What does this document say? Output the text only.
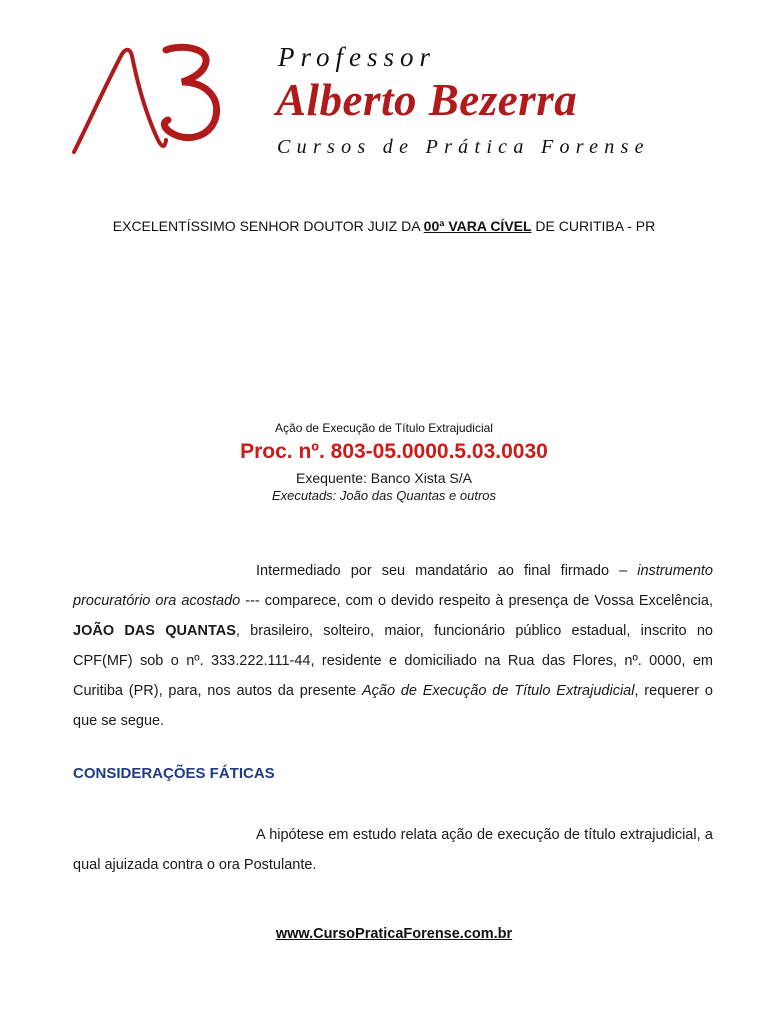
Professor
Alberto Bezerra
Cursos de Prática Forense
EXCELENTÍSSIMO SENHOR DOUTOR JUIZ DA 00ª VARA CÍVEL DE CURITIBA - PR
Ação de Execução de Título Extrajudicial
Proc. nº. 803-05.0000.5.03.0030
Exequente: Banco Xista S/A
Executads: João das Quantas e outros
Intermediado por seu mandatário ao final firmado – instrumento procuratório ora acostado --- comparece, com o devido respeito à presença de Vossa Excelência, JOÃO DAS QUANTAS, brasileiro, solteiro, maior, funcionário público estadual, inscrito no CPF(MF) sob o nº. 333.222.111-44, residente e domiciliado na Rua das Flores, nº. 0000, em Curitiba (PR), para, nos autos da presente Ação de Execução de Título Extrajudicial, requerer o que se segue.
CONSIDERAÇÕES FÁTICAS
A hipótese em estudo relata ação de execução de título extrajudicial, a qual ajuizada contra o ora Postulante.
www.CursoPraticaForense.com.br
